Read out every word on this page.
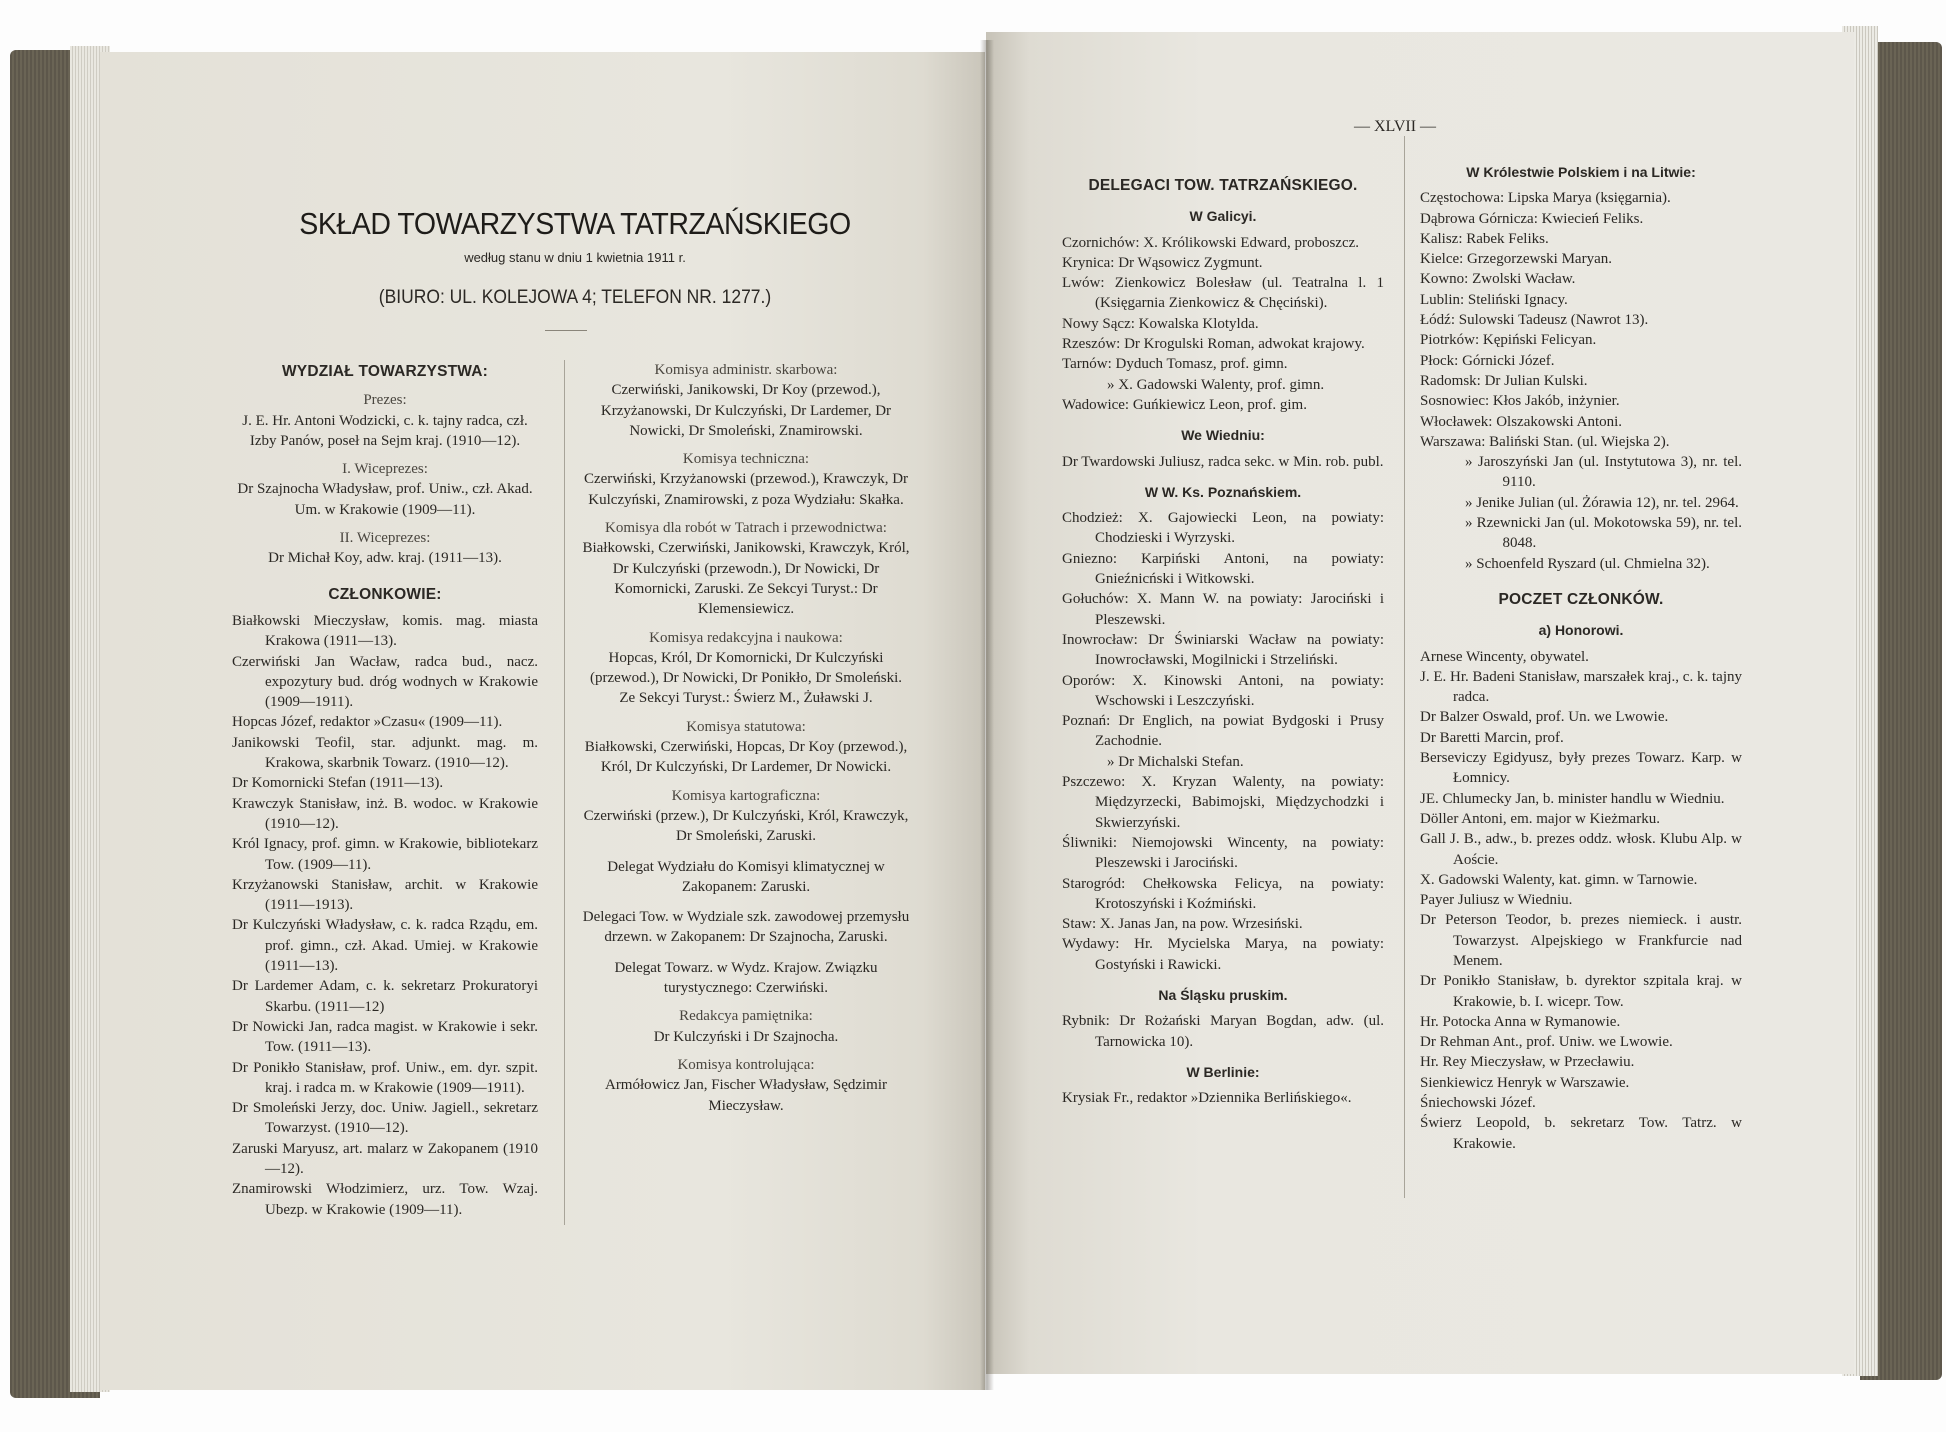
SKŁAD TOWARZYSTWA TATRZAŃSKIEGO
według stanu w dniu 1 kwietnia 1911 r.
(BIURO: UL. KOLEJOWA 4; TELEFON NR. 1277.)
— XLVII —
WYDZIAŁ TOWARZYSTWA:
Prezes:
J. E. Hr. Antoni Wodzicki, c. k. tajny radca, czł. Izby Panów, poseł na Sejm kraj. (1910—12).
I. Wiceprezes:
Dr Szajnocha Władysław, prof. Uniw., czł. Akad. Um. w Krakowie (1909—11).
II. Wiceprezes:
Dr Michał Koy, adw. kraj. (1911—13).
CZŁONKOWIE:
Białkowski Mieczysław, komis. mag. miasta Krakowa (1911—13).
Czerwiński Jan Wacław, radca bud., nacz. expozytury bud. dróg wodnych w Krakowie (1909—1911).
Hopcas Józef, redaktor »Czasu« (1909—11).
Janikowski Teofil, star. adjunkt. mag. m. Krakowa, skarbnik Towarz. (1910—12).
Dr Komornicki Stefan (1911—13).
Krawczyk Stanisław, inż. B. wodoc. w Krakowie (1910—12).
Król Ignacy, prof. gimn. w Krakowie, bibliotekarz Tow. (1909—11).
Krzyżanowski Stanisław, archit. w Krakowie (1911—1913).
Dr Kulczyński Władysław, c. k. radca Rządu, em. prof. gimn., czł. Akad. Umiej. w Krakowie (1911—13).
Dr Lardemer Adam, c. k. sekretarz Prokuratoryi Skarbu. (1911—12)
Dr Nowicki Jan, radca magist. w Krakowie i sekr. Tow. (1911—13).
Dr Ponikło Stanisław, prof. Uniw., em. dyr. szpit. kraj. i radca m. w Krakowie (1909—1911).
Dr Smoleński Jerzy, doc. Uniw. Jagiell., sekretarz Towarzyst. (1910—12).
Zaruski Maryusz, art. malarz w Zakopanem (1910—12).
Znamirowski Włodzimierz, urz. Tow. Wzaj. Ubezp. w Krakowie (1909—11).
Komisya administr. skarbowa:
Czerwiński, Janikowski, Dr Koy (przewod.), Krzyżanowski, Dr Kulczyński, Dr Lardemer, Dr Nowicki, Dr Smoleński, Znamirowski.
Komisya techniczna:
Czerwiński, Krzyżanowski (przewod.), Krawczyk, Dr Kulczyński, Znamirowski, z poza Wydziału: Skałka.
Komisya dla robót w Tatrach i przewodnictwa:
Białkowski, Czerwiński, Janikowski, Krawczyk, Król, Dr Kulczyński (przewodn.), Dr Nowicki, Dr Komornicki, Zaruski. Ze Sekcyi Turyst.: Dr Klemensiewicz.
Komisya redakcyjna i naukowa:
Hopcas, Król, Dr Komornicki, Dr Kulczyński (przewod.), Dr Nowicki, Dr Ponikło, Dr Smoleński. Ze Sekcyi Turyst.: Świerz M., Żuławski J.
Komisya statutowa:
Białkowski, Czerwiński, Hopcas, Dr Koy (przewod.), Król, Dr Kulczyński, Dr Lardemer, Dr Nowicki.
Komisya kartograficzna:
Czerwiński (przew.), Dr Kulczyński, Król, Krawczyk, Dr Smoleński, Zaruski.
Delegat Wydziału do Komisyi klimatycznej w Zakopanem: Zaruski.
Delegaci Tow. w Wydziale szk. zawodowej przemysłu drzewn. w Zakopanem: Dr Szajnocha, Zaruski.
Delegat Towarz. w Wydz. Krajow. Związku turystycznego: Czerwiński.
Redakcya pamiętnika:
Dr Kulczyński i Dr Szajnocha.
Komisya kontrolująca:
Armółowicz Jan, Fischer Władysław, Sędzimir Mieczysław.
DELEGACI TOW. TATRZAŃSKIEGO.
W Galicyi.
Czornichów: X. Królikowski Edward, proboszcz.
Krynica: Dr Wąsowicz Zygmunt.
Lwów: Zienkowicz Bolesław (ul. Teatralna l. 1 (Księgarnia Zienkowicz & Chęciński).
Nowy Sącz: Kowalska Klotylda.
Rzeszów: Dr Krogulski Roman, adwokat krajowy.
Tarnów: Dyduch Tomasz, prof. gimn.
» X. Gadowski Walenty, prof. gimn.
Wadowice: Guńkiewicz Leon, prof. gim.
We Wiedniu:
Dr Twardowski Juliusz, radca sekc. w Min. rob. publ.
W W. Ks. Poznańskiem.
Chodzież: X. Gajowiecki Leon, na powiaty: Chodzieski i Wyrzyski.
Gniezno: Karpiński Antoni, na powiaty: Gnieźnicński i Witkowski.
Gołuchów: X. Mann W. na powiaty: Jarociński i Pleszewski.
Inowrocław: Dr Świniarski Wacław na powiaty: Inowrocławski, Mogilnicki i Strzeliński.
Oporów: X. Kinowski Antoni, na powiaty: Wschowski i Leszczyński.
Poznań: Dr Englich, na powiat Bydgoski i Prusy Zachodnie.
» Dr Michalski Stefan.
Pszczewo: X. Kryzan Walenty, na powiaty: Międzyrzecki, Babimojski, Międzychodzki i Skwierzyński.
Śliwniki: Niemojowski Wincenty, na powiaty: Pleszewski i Jarociński.
Starogród: Chełkowska Felicya, na powiaty: Krotoszyński i Koźmiński.
Staw: X. Janas Jan, na pow. Wrzesiński.
Wydawy: Hr. Mycielska Marya, na powiaty: Gostyński i Rawicki.
Na Śląsku pruskim.
Rybnik: Dr Rożański Maryan Bogdan, adw. (ul. Tarnowicka 10).
W Berlinie:
Krysiak Fr., redaktor »Dziennika Berlińskiego«.
W Królestwie Polskiem i na Litwie:
Częstochowa: Lipska Marya (księgarnia).
Dąbrowa Górnicza: Kwiecień Feliks.
Kalisz: Rabek Feliks.
Kielce: Grzegorzewski Maryan.
Kowno: Zwolski Wacław.
Lublin: Steliński Ignacy.
Łódź: Sulowski Tadeusz (Nawrot 13).
Piotrków: Kępiński Felicyan.
Płock: Górnicki Józef.
Radomsk: Dr Julian Kulski.
Sosnowiec: Kłos Jakób, inżynier.
Włocławek: Olszakowski Antoni.
Warszawa: Baliński Stan. (ul. Wiejska 2).
» Jaroszyński Jan (ul. Instytutowa 3), nr. tel. 9110.
» Jenike Julian (ul. Żórawia 12), nr. tel. 2964.
» Rzewnicki Jan (ul. Mokotowska 59), nr. tel. 8048.
» Schoenfeld Ryszard (ul. Chmielna 32).
POCZET CZŁONKÓW.
a) Honorowi.
Arnese Wincenty, obywatel.
J. E. Hr. Badeni Stanisław, marszałek kraj., c. k. tajny radca.
Dr Balzer Oswald, prof. Un. we Lwowie.
Dr Baretti Marcin, prof.
Berseviczy Egidyusz, były prezes Towarz. Karp. w Łomnicy.
JE. Chlumecky Jan, b. minister handlu w Wiedniu.
Döller Antoni, em. major w Kieżmarku.
Gall J. B., adw., b. prezes oddz. włosk. Klubu Alp. w Aoście.
X. Gadowski Walenty, kat. gimn. w Tarnowie.
Payer Juliusz w Wiedniu.
Dr Peterson Teodor, b. prezes niemieck. i austr. Towarzyst. Alpejskiego w Frankfurcie nad Menem.
Dr Ponikło Stanisław, b. dyrektor szpitala kraj. w Krakowie, b. I. wicepr. Tow.
Hr. Potocka Anna w Rymanowie.
Dr Rehman Ant., prof. Uniw. we Lwowie.
Hr. Rey Mieczysław, w Przecławiu.
Sienkiewicz Henryk w Warszawie.
Śniechowski Józef.
Świerz Leopold, b. sekretarz Tow. Tatrz. w Krakowie.
